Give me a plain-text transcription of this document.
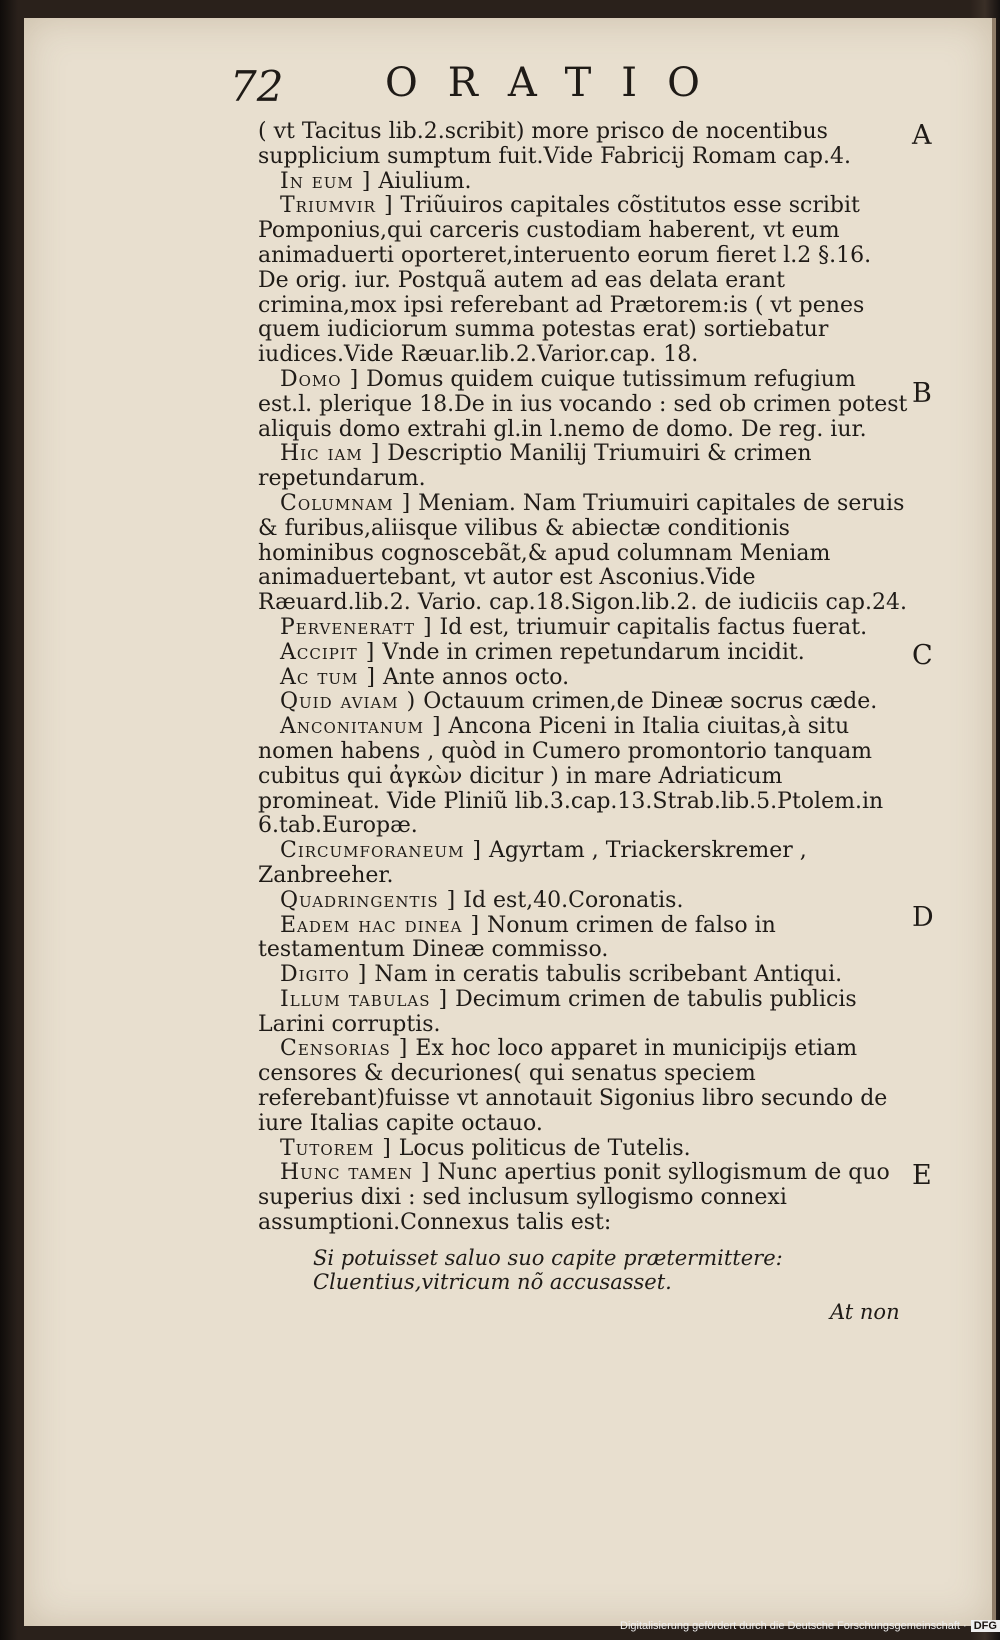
72	ORATIO
A
B
C
D
E

( vt Tacitus lib.2.scribit) more prisco de nocentibus supplicium sumptum fuit.Vide Fabricij Romam cap.4.

In eum ] Aiulium.

Triumvir ] Triũuiros capitales cõstitutos esse scribit Pomponius,qui carceris custodiam haberent, vt eum animaduerti oporteret,interuento eorum fieret l.2 §.16. De orig. iur. Postquã autem ad eas delata erant crimina,mox ipsi referebant ad Prætorem:is ( vt penes quem iudiciorum summa potestas erat) sortiebatur iudices.Vide Ræuar.lib.2.Varior.cap. 18.

Domo ] Domus quidem cuique tutissimum refugium est.l. plerique 18.De in ius vocando : sed ob crimen potest aliquis domo extrahi gl.in l.nemo de domo. De reg. iur.

Hic iam ] Descriptio Manilij Triumuiri & crimen repetundarum.

Columnam ] Meniam. Nam Triumuiri capitales de seruis & furibus,aliisque vilibus & abiectæ conditionis hominibus cognoscebãt,& apud columnam Meniam animaduertebant, vt autor est Asconius.Vide Ræuard.lib.2. Vario. cap.18.Sigon.lib.2. de iudiciis cap.24.

Perveneratt ] Id est, triumuir capitalis factus fuerat.

Accipit ] Vnde in crimen repetundarum incidit.

Ac tum ] Ante annos octo.

Quid aviam ) Octauum crimen,de Dineæ socrus cæde.

Anconitanum ] Ancona Piceni in Italia ciuitas,à situ nomen habens , quòd in Cumero promontorio tanquam cubitus qui ἀγκὼν dicitur ) in mare Adriaticum promineat. Vide Pliniũ lib.3.cap.13.Strab.lib.5.Ptolem.in 6.tab.Europæ.

Circumforaneum ] Agyrtam , Triackerskremer , Zanbreeher.

Quadringentis ] Id est,40.Coronatis.

Eadem hac dinea ] Nonum crimen de falso in testamentum Dineæ commisso.

Digito ] Nam in ceratis tabulis scribebant Antiqui.

Illum tabulas ] Decimum crimen de tabulis publicis Larini corruptis.

Censorias ] Ex hoc loco apparet in municipijs etiam censores & decuriones( qui senatus speciem referebant)fuisse vt annotauit Sigonius libro secundo de iure Italias capite octauo.

Tutorem ] Locus politicus de Tutelis.

Hunc tamen ] Nunc apertius ponit syllogismum de quo superius dixi : sed inclusum syllogismo connexi assumptioni.Connexus talis est:

Si potuisset saluo suo capite prætermittere: Cluentius,vitricum nõ accusasset.

At non
Digitalisierung gefördert durch die Deutsche Forschungsgemeinschaft · DFG
